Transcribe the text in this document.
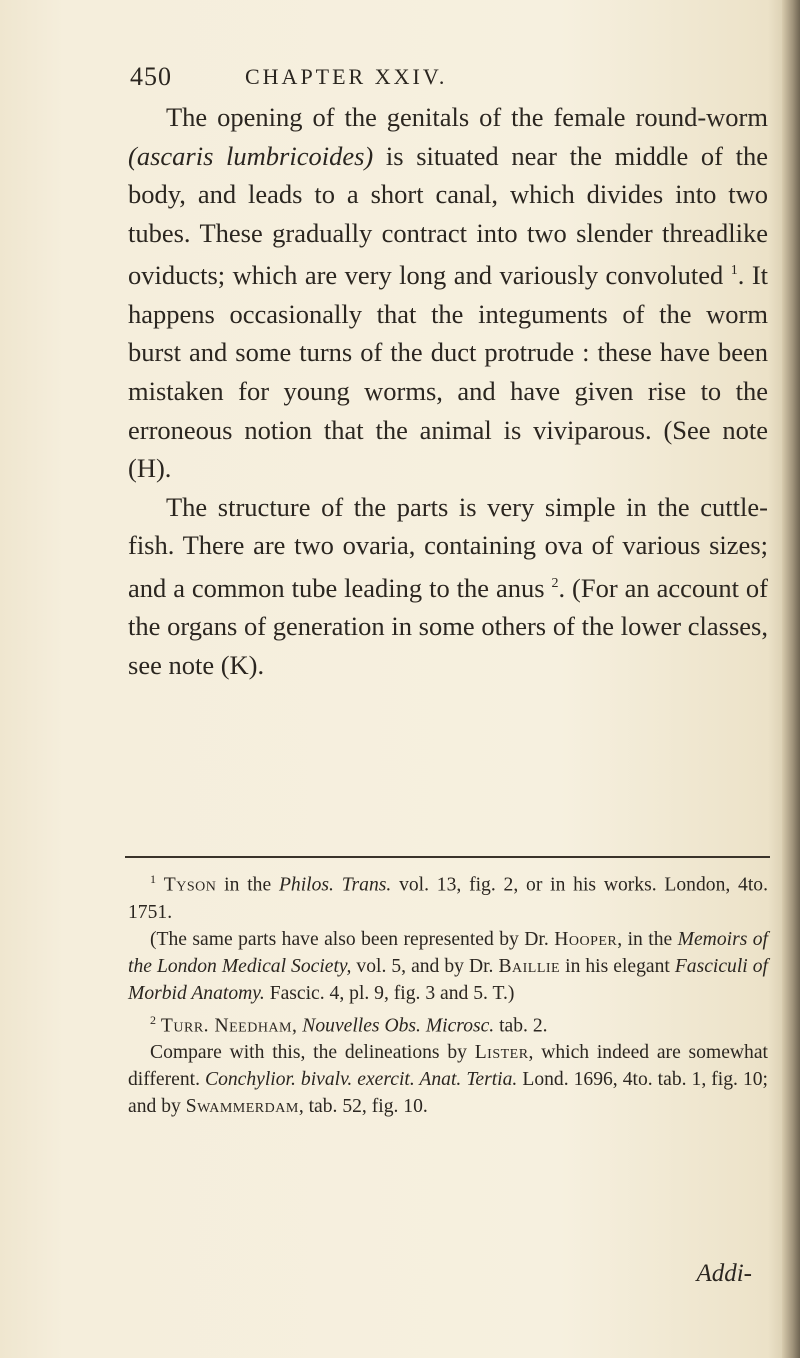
450	CHAPTER XXIV.

The opening of the genitals of the female round-worm (ascaris lumbricoides) is situated near the middle of the body, and leads to a short canal, which divides into two tubes. These gradually contract into two slender threadlike oviducts; which are very long and variously convoluted $^1$. It happens occasionally that the integuments of the worm burst and some turns of the duct protrude : these have been mistaken for young worms, and have given rise to the erroneous notion that the animal is viviparous. (See note (H).

The structure of the parts is very simple in the cuttle-fish. There are two ovaria, containing ova of various sizes; and a common tube leading to the anus $^2$. (For an account of the organs of generation in some others of the lower classes, see note (K).

$^1$ Tyson in the Philos. Trans. vol. 13, fig. 2, or in his works. London, 4to. 1751.

(The same parts have also been represented by Dr. Hooper, in the Memoirs of the London Medical Society, vol. 5, and by Dr. Baillie in his elegant Fasciculi of Morbid Anatomy. Fascic. 4, pl. 9, fig. 3 and 5. T.)

$^2$ Turr. Needham, Nouvelles Obs. Microsc. tab. 2.

Compare with this, the delineations by Lister, which indeed are somewhat different. Conchylior. bivalv. exercit. Anat. Tertia. Lond. 1696, 4to. tab. 1, fig. 10; and by Swammerdam, tab. 52, fig. 10.

Addi-
